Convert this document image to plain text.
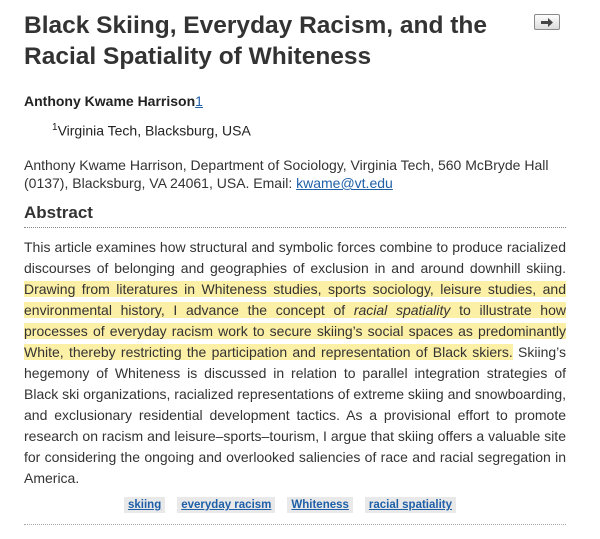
Black Skiing, Everyday Racism, and the Racial Spatiality of Whiteness
Anthony Kwame Harrison1
$^1$Virginia Tech, Blacksburg, USA
Anthony Kwame Harrison, Department of Sociology, Virginia Tech, 560 McBryde Hall (0137), Blacksburg, VA 24061, USA. Email: kwame@vt.edu
Abstract

This article examines how structural and symbolic forces combine to produce racialized discourses of belonging and geographies of exclusion in and around downhill skiing. Drawing from literatures in Whiteness studies, sports sociology, leisure studies, and environmental history, I advance the concept of racial spatiality to illustrate how processes of everyday racism work to secure skiing’s social spaces as predominantly White, thereby restricting the participation and representation of Black skiers. Skiing’s hegemony of Whiteness is discussed in relation to parallel integration strategies of Black ski organizations, racialized representations of extreme skiing and snowboarding, and exclusionary residential development tactics. As a provisional effort to promote research on racism and leisure–sports–tourism, I argue that skiing offers a valuable site for considering the ongoing and overlooked saliencies of race and racial segregation in America.

skiing	everyday racism	Whiteness	racial spatiality
